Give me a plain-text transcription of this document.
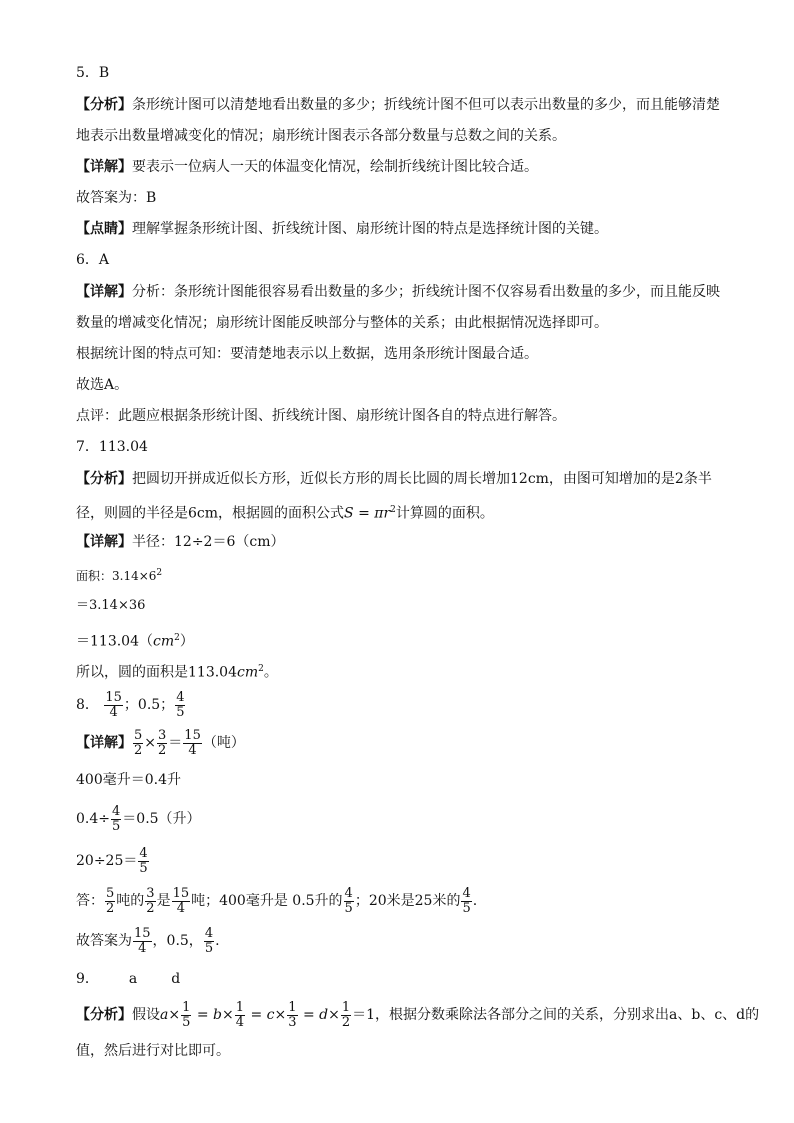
5．B
【分析】条形统计图可以清楚地看出数量的多少；折线统计图不但可以表示出数量的多少，而且能够清楚
地表示出数量增减变化的情况；扇形统计图表示各部分数量与总数之间的关系。
【详解】要表示一位病人一天的体温变化情况，绘制折线统计图比较合适。
故答案为：B
【点睛】理解掌握条形统计图、折线统计图、扇形统计图的特点是选择统计图的关键。
6．A
【详解】分析：条形统计图能很容易看出数量的多少；折线统计图不仅容易看出数量的多少，而且能反映
数量的增减变化情况；扇形统计图能反映部分与整体的关系；由此根据情况选择即可。
根据统计图的特点可知：要清楚地表示以上数据，选用条形统计图最合适。
故选A。
点评：此题应根据条形统计图、折线统计图、扇形统计图各自的特点进行解答。
7．113.04
【分析】把圆切开拼成近似长方形，近似长方形的周长比圆的周长增加12cm，由图可知增加的是2条半
径，则圆的半径是6cm，根据圆的面积公式$S = \pi r^2$计算圆的面积。
【详解】半径：12÷2＝6（cm）
面积：$3.14\times 6^2$
＝3.14×36
$=113.04(cm^2)$
所以，圆的面积是$113.04cm^2$。
8． $\frac{15}{4}$ ；0.5； $\frac{4}{5}$
【详解】 $\frac{5}{2} \times \frac{3}{2} = \frac{15}{4}$ （吨）
400毫升＝0.4升
$0.4\div \frac{4}{5} =0.5$（升）
$20\div 25= \frac{4}{5}$
答： $\frac{5}{2}$ 吨的 $\frac{3}{2}$ 是 $\frac{15}{4}$ 吨；400毫升是 0.5升的 $\frac{4}{5}$ ；20米是25米的 $\frac{4}{5}$ .
故答案为 $\frac{15}{4}$ ，0.5， $\frac{4}{5}$ .
9． a d
【分析】假设$a\times \frac{1}{5} = b\times \frac{1}{4} = c\times \frac{1}{3} = d\times \frac{1}{2} =1$，根据分数乘除法各部分之间的关系，分别求出a、b、c、d的
值，然后进行对比即可。
